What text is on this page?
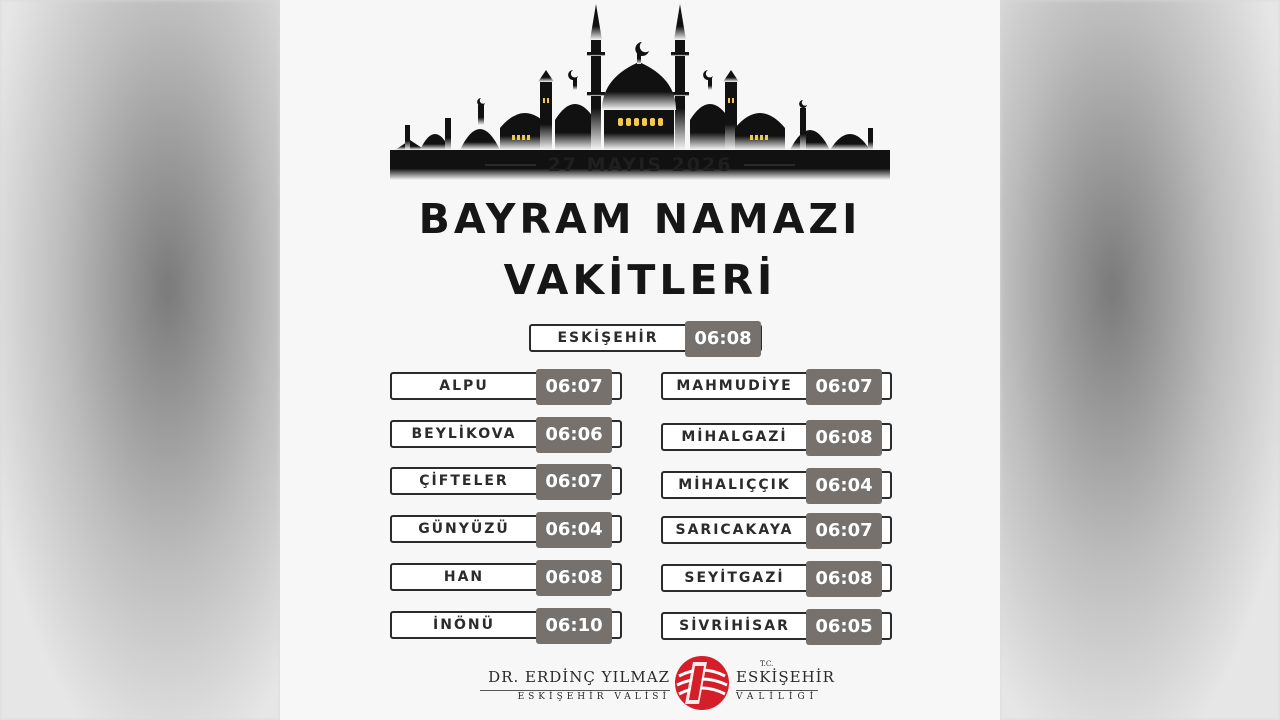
27 MAYIS 2026
BAYRAM NAMAZI
VAKİTLERİ
ESKİŞEHİR	06:08
ALPU	06:07
BEYLİKOVA	06:06
ÇİFTELER	06:07
GÜNYÜZÜ	06:04
HAN	06:08
İNÖNÜ	06:10
MAHMUDİYE	06:07
MİHALGAZİ	06:08
MİHALIÇÇIK	06:04
SARICAKAYA	06:07
SEYİTGAZİ	06:08
SİVRİHİSAR	06:05
DR. ERDİNÇ YILMAZ
ESKİŞEHİR VALİSİ
T.C.
ESKİŞEHİR
VALİLİĞİ
